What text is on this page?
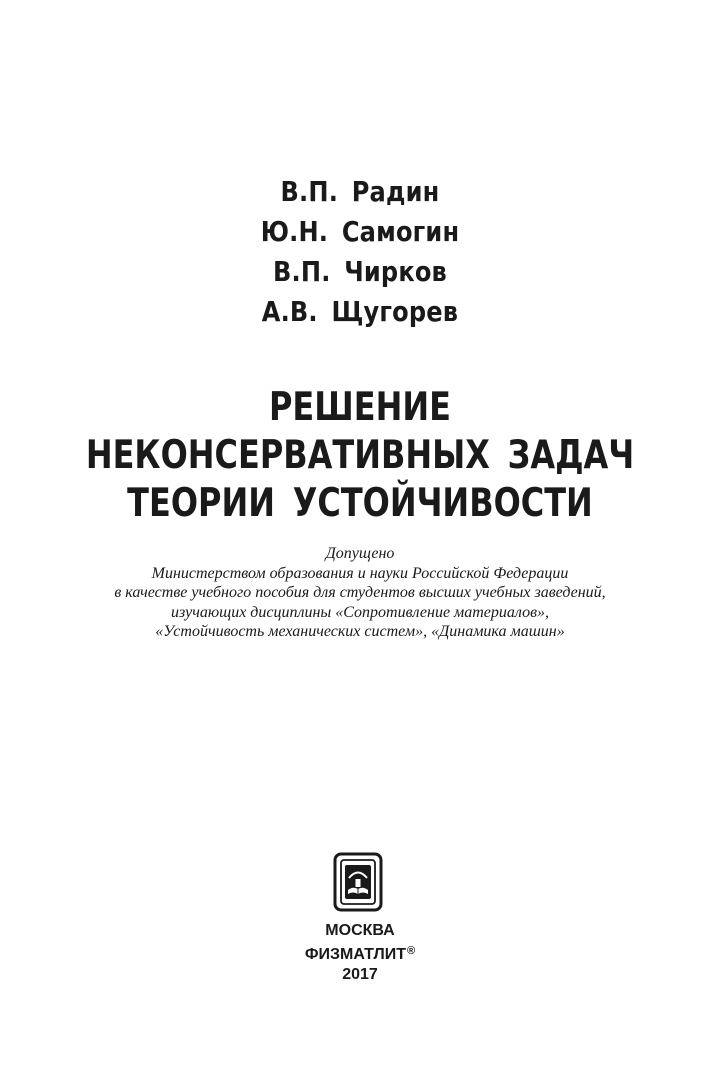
В.П. Радин
Ю.Н. Самогин
В.П. Чирков
А.В. Щугорев
РЕШЕНИЕ
НЕКОНСЕРВАТИВНЫХ ЗАДАЧ
ТЕОРИИ УСТОЙЧИВОСТИ
Допущено
Министерством образования и науки Российской Федерации
в качестве учебного пособия для студентов высших учебных заведений,
изучающих дисциплины «Сопротивление материалов»,
«Устойчивость механических систем», «Динамика машин»
МОСКВА
ФИЗМАТЛИТ®
2017
